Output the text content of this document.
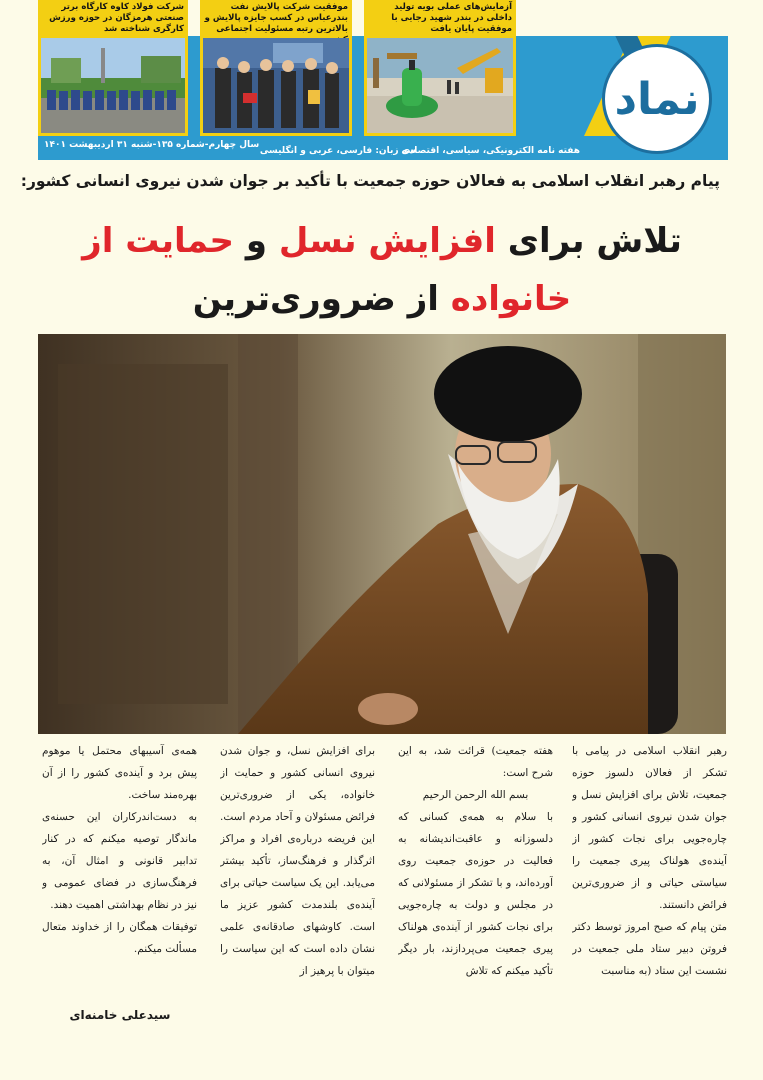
نماد
هفته نامه الکترونیکی، سیاسی، اقتصادی
سه زبان: فارسی، عربی و انگلیسی
سال چهارم-شماره ۱۳۵-شنبه ۳۱ اردیبهشت ۱۴۰۱
آزمایش‌های عملی بویه تولید داخلی در بندر شهید رجایی با موفقیت پایان یافت
موفقیت شرکت پالایش نفت بندرعباس در کسب جایزه پالایش و بالاترین رتبه مسئولیت اجتماعی
شرکت فولاد کاوه کارگاه برتر صنعتی هرمزگان در حوزه ورزش کارگری شناخته شد
پیام رهبر انقلاب اسلامی به فعالان حوزه جمعیت با تأکید بر جوان شدن نیروی انسانی کشور:
تلاش برای افزایش نسل و حمایت از خانواده از ضروری‌ترین

رهبر انقلاب اسلامی در پیامی با تشکر از فعالان دلسوز حوزه جمعیت، تلاش برای افزایش نسل و جوان شدن نیروی انسانی کشور و چاره‌جویی برای نجات کشور از آینده‌ی هولناک پیری جمعیت را سیاستی حیاتی و از ضروری‌ترین فرائض دانستند.

متن پیام که صبح امروز توسط دکتر فروتن دبیر ستاد ملی جمعیت در نشست این ستاد (به مناسبت

هفته جمعیت) قرائت شد، به این شرح است:

بسم الله الرحمن الرحیم

با سلام به همه‌ی کسانی که دلسوزانه و عاقبت‌اندیشانه به فعالیت در حوزه‌ی جمعیت روی آورده‌اند، و با تشکر از مسئولانی که در مجلس و دولت به چاره‌جویی برای نجات کشور از آینده‌ی هولناک پیری جمعیت می‌پردازند، بار دیگر تأکید میکنم که تلاش

برای افزایش نسل، و جوان شدن نیروی انسانی کشور و حمایت از خانواده، یکی از ضروری‌ترین فرائض مسئولان و آحاد مردم است. این فریضه درباره‌ی افراد و مراکز اثرگذار و فرهنگ‌ساز، تأکید بیشتر می‌یابد. این یک سیاست حیاتی برای آینده‌ی بلندمدت کشور عزیز ما است. کاوشهای صادقانه‌ی علمی نشان داده است که این سیاست را میتوان با پرهیز از

همه‌ی آسیبهای محتمل یا موهوم پیش برد و آینده‌ی کشور را از آن بهره‌مند ساخت.

به دست‌اندرکاران این حسنه‌ی ماندگار توصیه میکنم که در کنار تدابیر قانونی و امثال آن، به فرهنگ‌سازی در فضای عمومی و نیز در نظام بهداشتی اهمیت دهند.

توفیقات همگان را از خداوند متعال مسألت میکنم.

سیدعلی خامنه‌ای
